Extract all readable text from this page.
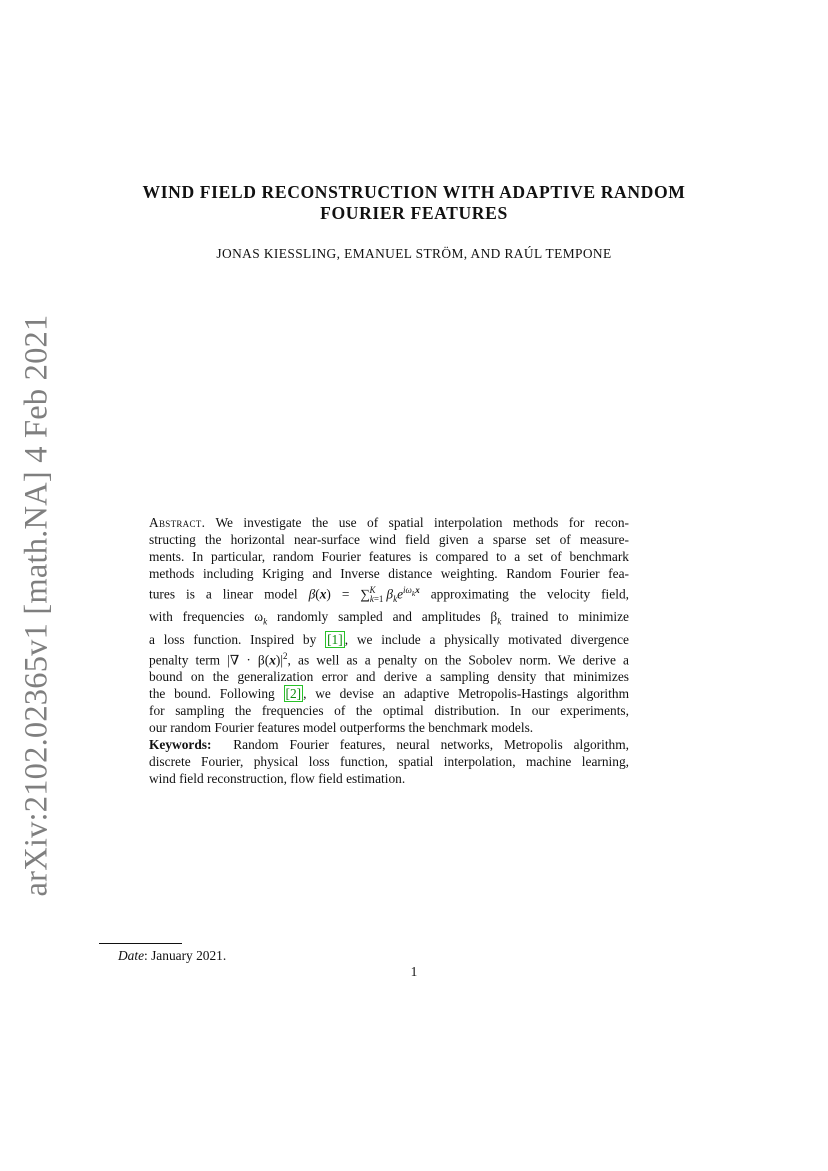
arXiv:2102.02365v1 [math.NA] 4 Feb 2021
WIND FIELD RECONSTRUCTION WITH ADAPTIVE RANDOM
FOURIER FEATURES
JONAS KIESSLING, EMANUEL STRÖM, AND RAÚL TEMPONE
Abstract. We investigate the use of spatial interpolation methods for recon-
structing the horizontal near-surface wind field given a sparse set of measure-
ments. In particular, random Fourier features is compared to a set of benchmark
methods including Kriging and Inverse distance weighting. Random Fourier fea-
tures is a linear model $\beta(x) = \sum_{k=1}^K$ $\beta_ke^{i\omega_kx}$ approximating the velocity field,
with frequencies $\omega_k$ randomly sampled and amplitudes $\beta_k$ trained to minimize
a loss function. Inspired by [1] , we include a physically motivated divergence
penalty term |∇ · $\beta(x)|^2$, as well as a penalty on the Sobolev norm. We derive a
bound on the generalization error and derive a sampling density that minimizes
the bound. Following [2] , we devise an adaptive Metropolis-Hastings algorithm
for sampling the frequencies of the optimal distribution. In our experiments,
our random Fourier features model outperforms the benchmark models.
Keywords: Random Fourier features, neural networks, Metropolis algorithm,
discrete Fourier, physical loss function, spatial interpolation, machine learning,
wind field reconstruction, flow field estimation.
Date: January 2021.
1
